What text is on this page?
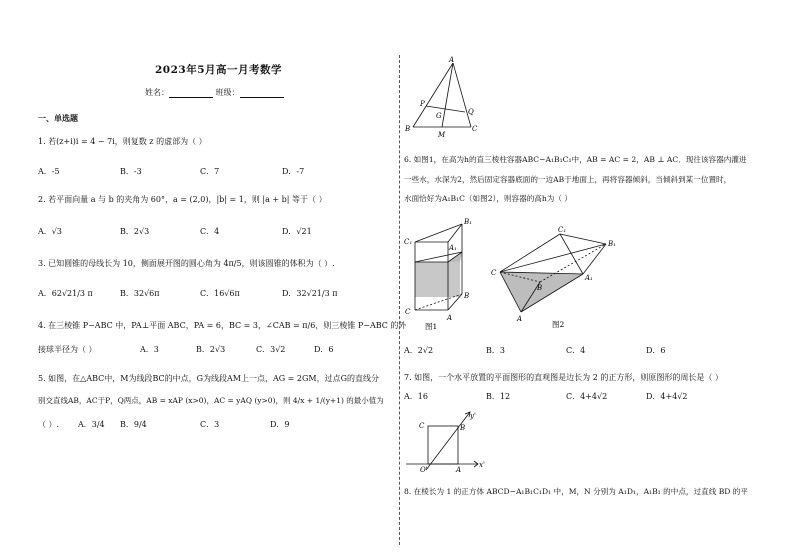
2023年5月高一月考数学
姓名：	班级：
一、单选题
1. 若(z+i)i = 4 − 7i，则复数 z 的虚部为（ ）
A．-5	B．-3	C．7	D．-7
2. 若平面向量 a 与 b 的夹角为 60°，a = (2,0)，|b| = 1，则 |a + b| 等于（ ）
A．√3	B．2√3	C．4	D．√21
3. 已知圆锥的母线长为 10，侧面展开图的圆心角为 4π/5，则该圆锥的体积为（ ）.
A．62√21/3 π	B．32√6π	C．16√6π	D．32√21/3 π
4. 在三棱锥 P−ABC 中，PA⊥平面 ABC，PA = 6，BC = 3，∠CAB = π/6，则三棱锥 P−ABC 的外
接球半径为（ ）	A．3	B．2√3	C．3√2	D．6
5. 如图，在△ABC中，M为线段BC的中点，G为线段AM上一点，AG = 2GM，过点G的直线分
别交直线AB，AC于P，Q两点，AB = xAP (x>0)，AC = yAQ (y>0)，则 4/x + 1/(y+1) 的最小值为
（ ）. A．3/4 B．9/4	C．3	D．9
A
P
G	Q
B
M
C
6. 如图1，在高为h的直三棱柱容器ABC−A₁B₁C₁中，AB = AC = 2，AB ⊥ AC．现往该容器内灌进
一些水，水深为2，然后固定容器底面的一边AB于地面上，再将容器倾斜，当倾斜到某一位置时，
水面恰好为A₁B₁C（如图2），则容器的高h为（ ）
B₁
C₁
A₁
B
C
A
图1
C₁
B₁
C
A₁
B
A
图2
A．2√2	B．3	C．4	D．6
7. 如图，一个水平放置的平面图形的直观图是边长为 2 的正方形，则原图形的周长是（ ）
A．16	B．12	C．4+4√2	D．4+4√2
y'
C	B
O'	A
x'
8. 在棱长为 1 的正方体 ABCD−A₁B₁C₁D₁ 中，M，N 分别为 A₁D₁，A₁B₁ 的中点，过直线 BD 的平
